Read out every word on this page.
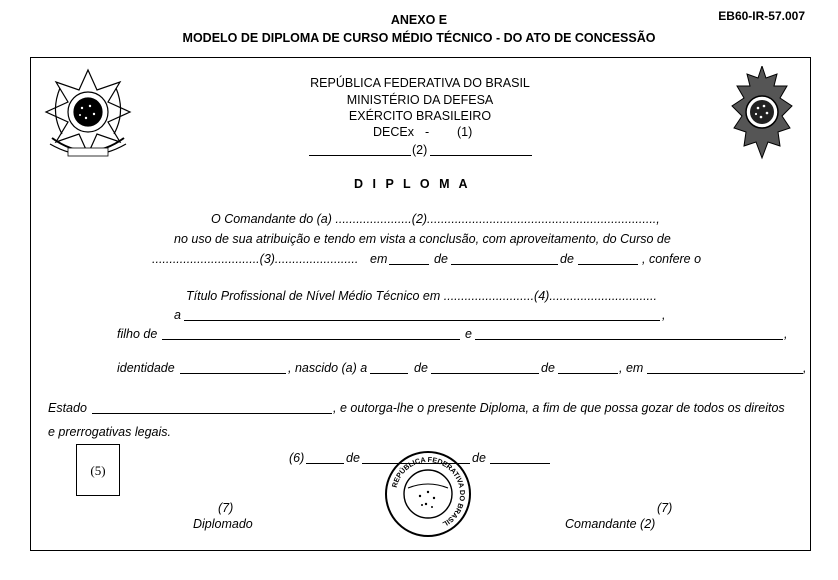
ANEXO E
MODELO DE DIPLOMA DE CURSO MÉDIO TÉCNICO - DO ATO DE CONCESSÃO
EB60-IR-57.007
REPÚBLICA FEDERATIVA DO BRASIL
MINISTÉRIO DA DEFESA
EXÉRCITO BRASILEIRO
DECEx - (1)
(2)
D I P L O M A
O Comandante do (a) ......................(2)..................................................................,
no uso de sua atribuição e tendo em vista a conclusão, com aproveitamento, do Curso de
...............................(3)........................ em	de	de	, confere o
Título Profissional de Nível Médio Técnico em ..........................(4)...............................
a	,
filho de	e	,
identidade	, nascido (a) a	de	de	, em	,
Estado	, e outorga-lhe o presente Diploma, a fim de que possa gozar de todos os direitos
e prerrogativas legais.
(5)
(6)	de	de
REPÚBLICA FEDERATIVA DO BRASIL
(7)
Diplomado
(7)
Comandante (2)
